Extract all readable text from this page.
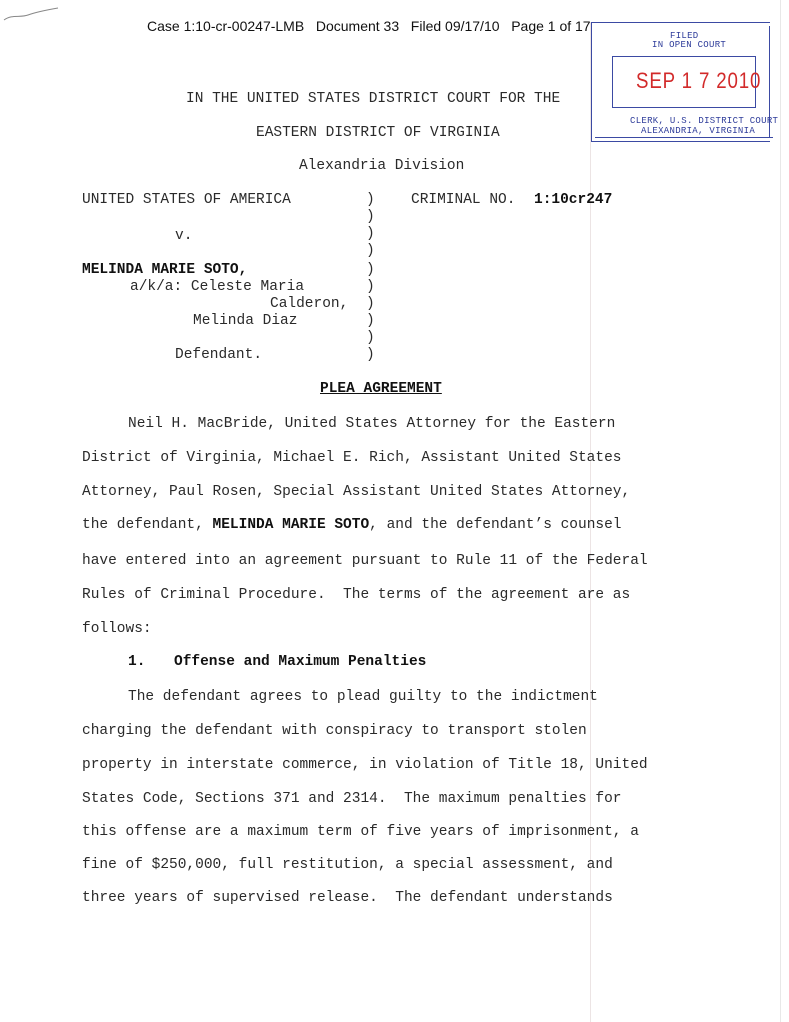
Case 1:10-cr-00247-LMB   Document 33   Filed 09/17/10   Page 1 of 17
FILED
IN OPEN COURT
SEP 1 7 2010
CLERK, U.S. DISTRICT COURT
ALEXANDRIA, VIRGINIA
IN THE UNITED STATES DISTRICT COURT FOR THE
EASTERN DISTRICT OF VIRGINIA
Alexandria Division
UNITED STATES OF AMERICA	CRIMINAL NO. 1:10cr247
v.
MELINDA MARIE SOTO,
a/k/a: Celeste Maria
Calderon,
Melinda Diaz
Defendant.
)
)
)
)
)
)
)
)
)
)
PLEA AGREEMENT
Neil H. MacBride, United States Attorney for the Eastern
District of Virginia, Michael E. Rich, Assistant United States
Attorney, Paul Rosen, Special Assistant United States Attorney,
the defendant, MELINDA MARIE SOTO, and the defendant’s counsel
have entered into an agreement pursuant to Rule 11 of the Federal
Rules of Criminal Procedure.  The terms of the agreement are as
follows:
1. Offense and Maximum Penalties
The defendant agrees to plead guilty to the indictment
charging the defendant with conspiracy to transport stolen
property in interstate commerce, in violation of Title 18, United
States Code, Sections 371 and 2314.  The maximum penalties for
this offense are a maximum term of five years of imprisonment, a
fine of $250,000, full restitution, a special assessment, and
three years of supervised release.  The defendant understands
